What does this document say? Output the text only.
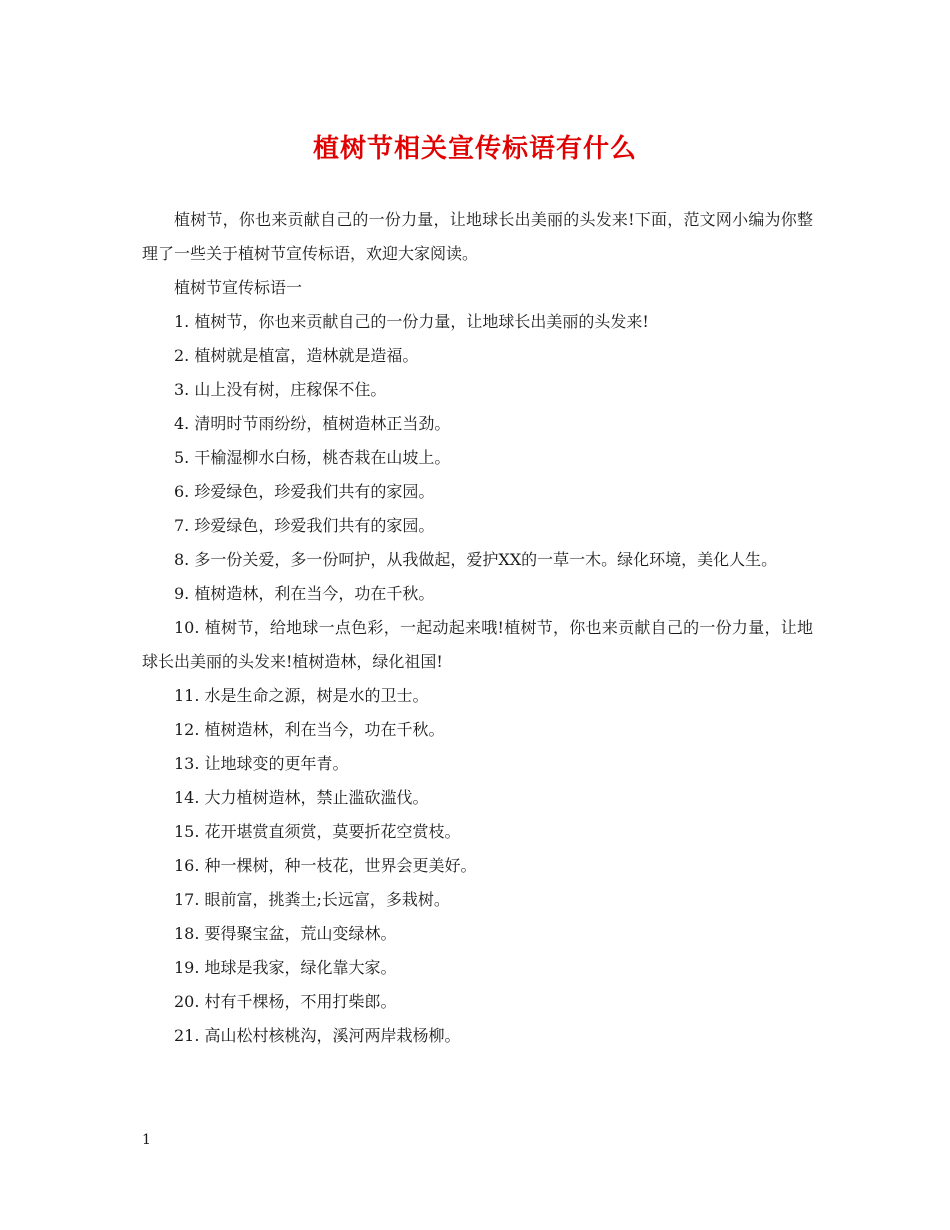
植树节相关宣传标语有什么

植树节，你也来贡献自己的一份力量，让地球长出美丽的头发来!下面，范文网小编为你整理了一些关于植树节宣传标语，欢迎大家阅读。

植树节宣传标语一

1. 植树节，你也来贡献自己的一份力量，让地球长出美丽的头发来!

2. 植树就是植富，造林就是造福。

3. 山上没有树，庄稼保不住。

4. 清明时节雨纷纷，植树造林正当劲。

5. 干榆湿柳水白杨，桃杏栽在山坡上。

6. 珍爱绿色，珍爱我们共有的家园。

7. 珍爱绿色，珍爱我们共有的家园。

8. 多一份关爱，多一份呵护，从我做起，爱护XX的一草一木。绿化环境，美化人生。

9. 植树造林，利在当今，功在千秋。

10. 植树节，给地球一点色彩，一起动起来哦!植树节，你也来贡献自己的一份力量，让地球长出美丽的头发来!植树造林，绿化祖国!

11. 水是生命之源，树是水的卫士。

12. 植树造林，利在当今，功在千秋。

13. 让地球变的更年青。

14. 大力植树造林，禁止滥砍滥伐。

15. 花开堪赏直须赏，莫要折花空赏枝。

16. 种一棵树，种一枝花，世界会更美好。

17. 眼前富，挑粪土;长远富，多栽树。

18. 要得聚宝盆，荒山变绿林。

19. 地球是我家，绿化靠大家。

20. 村有千棵杨，不用打柴郎。

21. 高山松村核桃沟，溪河两岸栽杨柳。

1
